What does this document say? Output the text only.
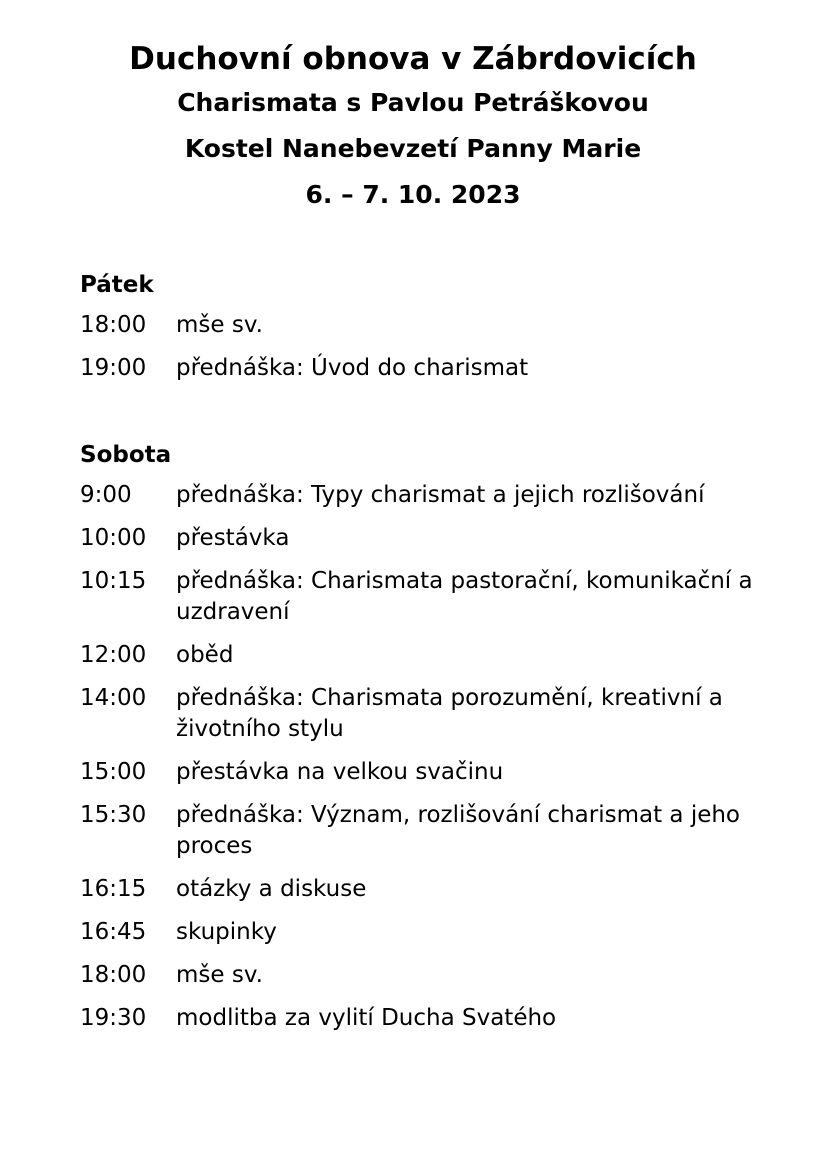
Duchovní obnova v Zábrdovicích

Charismata s Pavlou Petráškovou

Kostel Nanebevzetí Panny Marie

6. – 7. 10. 2023

Pátek

18:00	mše sv.
19:00	přednáška: Úvod do charismat

Sobota

9:00	přednáška: Typy charismat a jejich rozlišování
10:00	přestávka
10:15	přednáška: Charismata pastorační, komunikační a uzdravení
12:00	oběd
14:00	přednáška: Charismata porozumění, kreativní a životního stylu
15:00	přestávka na velkou svačinu
15:30	přednáška: Význam, rozlišování charismat a jeho proces
16:15	otázky a diskuse
16:45	skupinky
18:00	mše sv.
19:30	modlitba za vylití Ducha Svatého
